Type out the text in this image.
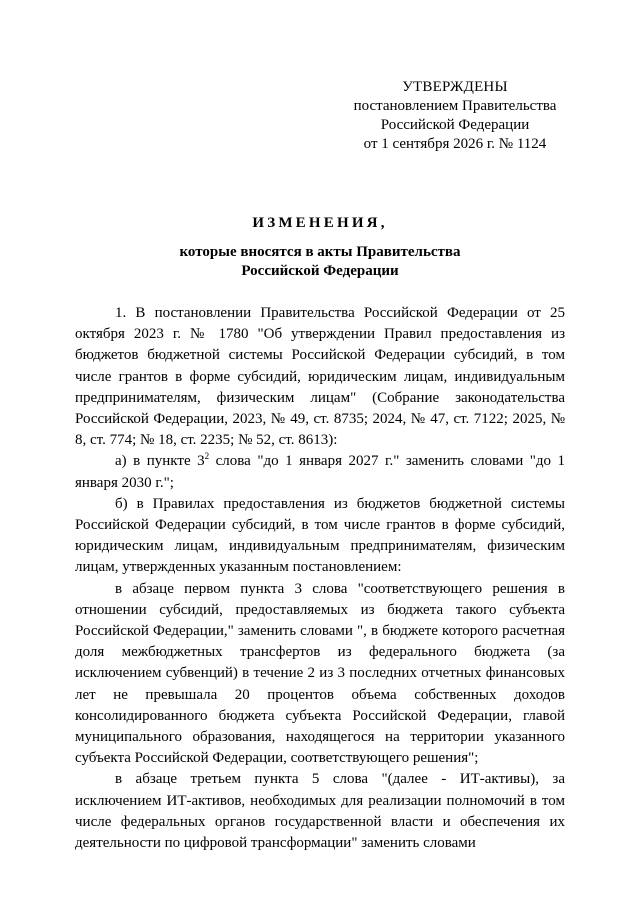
УТВЕРЖДЕНЫ
постановлением Правительства
Российской Федерации
от 1 сентября 2026 г. № 1124
ИЗМЕНЕНИЯ,
которые вносятся в акты Правительства
Российской Федерации

1. В постановлении Правительства Российской Федерации от 25 октября 2023 г. № 1780 "Об утверждении Правил предоставления из бюджетов бюджетной системы Российской Федерации субсидий, в том числе грантов в форме субсидий, юридическим лицам, индивидуальным предпринимателям, физическим лицам" (Собрание законодательства Российской Федерации, 2023, № 49, ст. 8735; 2024, № 47, ст. 7122; 2025, № 8, ст. 774; № 18, ст. 2235; № 52, ст. 8613):

а) в пункте $3^2$ слова "до 1 января 2027 г." заменить словами "до 1 января 2030 г.";

б) в Правилах предоставления из бюджетов бюджетной системы Российской Федерации субсидий, в том числе грантов в форме субсидий, юридическим лицам, индивидуальным предпринимателям, физическим лицам, утвержденных указанным постановлением:

в абзаце первом пункта 3 слова "соответствующего решения в отношении субсидий, предоставляемых из бюджета такого субъекта Российской Федерации," заменить словами ", в бюджете которого расчетная доля межбюджетных трансфертов из федерального бюджета (за исключением субвенций) в течение 2 из 3 последних отчетных финансовых лет не превышала 20 процентов объема собственных доходов консолидированного бюджета субъекта Российской Федерации, главой муниципального образования, находящегося на территории указанного субъекта Российской Федерации, соответствующего решения";

в абзаце третьем пункта 5 слова "(далее - ИТ-активы), за исключением ИТ-активов, необходимых для реализации полномочий в том числе федеральных органов государственной власти и обеспечения их деятельности по цифровой трансформации" заменить словами
